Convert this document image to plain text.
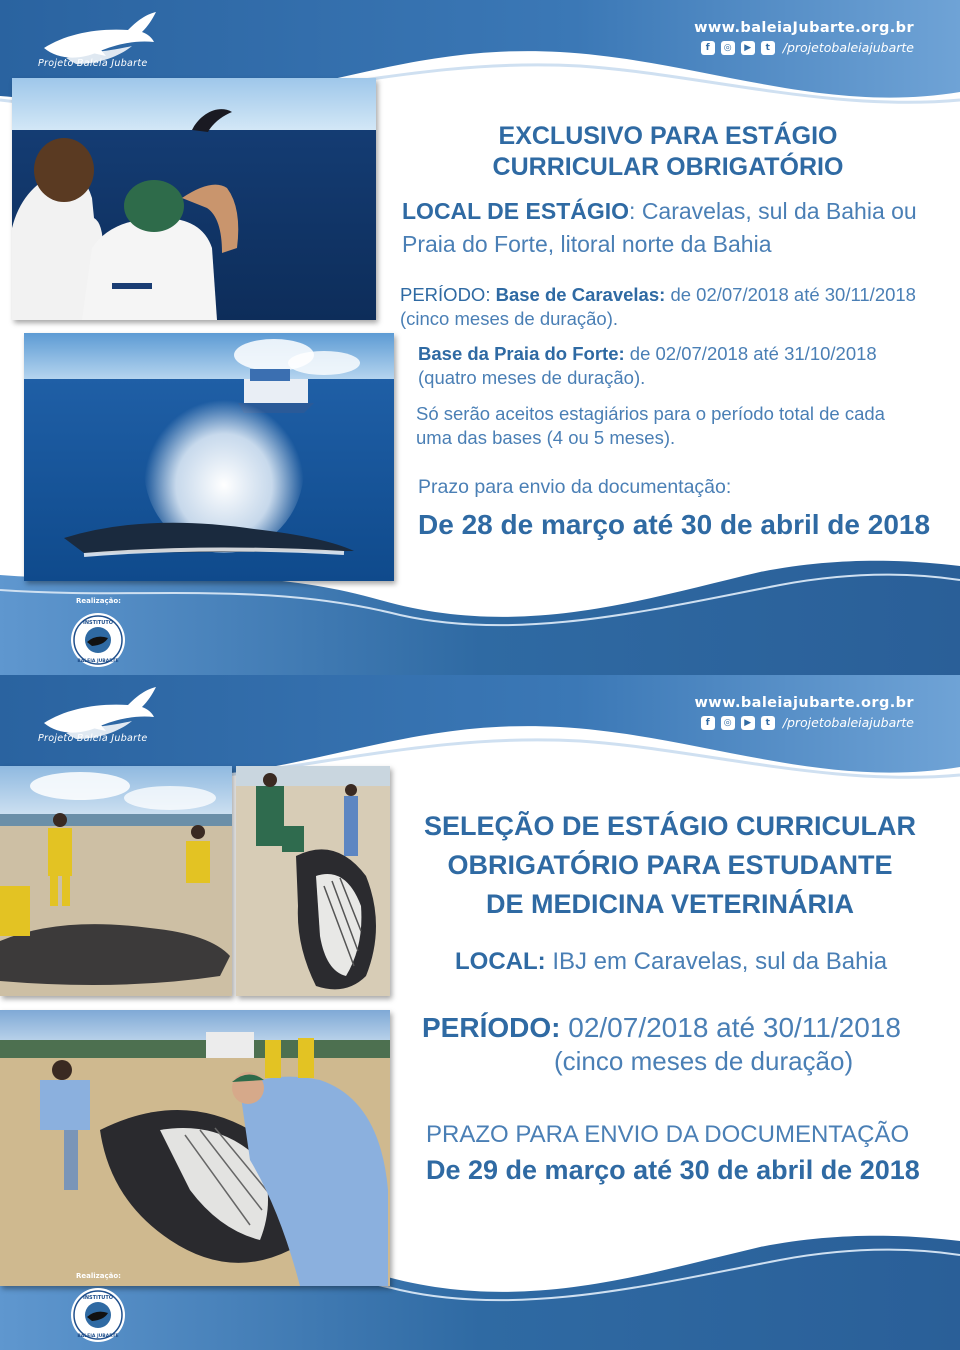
Projeto Baleia Jubarte
www.baleiaJubarte.org.br
f	◎	▶	t	/projetobaleiajubarte
Realização:
INSTITUTO
BALEIA JUBARTE
EXCLUSIVO PARA ESTÁGIO
CURRICULAR OBRIGATÓRIO
LOCAL DE ESTÁGIO: Caravelas, sul da Bahia ou
Praia do Forte, litoral norte da Bahia
PERÍODO: Base de Caravelas: de 02/07/2018 até 30/11/2018
(cinco meses de duração).
Base da Praia do Forte: de 02/07/2018 até 31/10/2018
(quatro meses de duração).
Só serão aceitos estagiários para o período total de cada
uma das bases (4 ou 5 meses).
Prazo para envio da documentação:
De 28 de março até 30 de abril de 2018
Projeto Baleia Jubarte
www.baleiajubarte.org.br
f	◎	▶	t	/projetobaleiajubarte
Realização:
INSTITUTO
BALEIA JUBARTE
SELEÇÃO DE ESTÁGIO CURRICULAR
OBRIGATÓRIO PARA ESTUDANTE
DE MEDICINA VETERINÁRIA
LOCAL: IBJ em Caravelas, sul da Bahia
PERÍODO: 02/07/2018 até 30/11/2018
(cinco meses de duração)
PRAZO PARA ENVIO DA DOCUMENTAÇÃO
De 29 de março até 30 de abril de 2018
